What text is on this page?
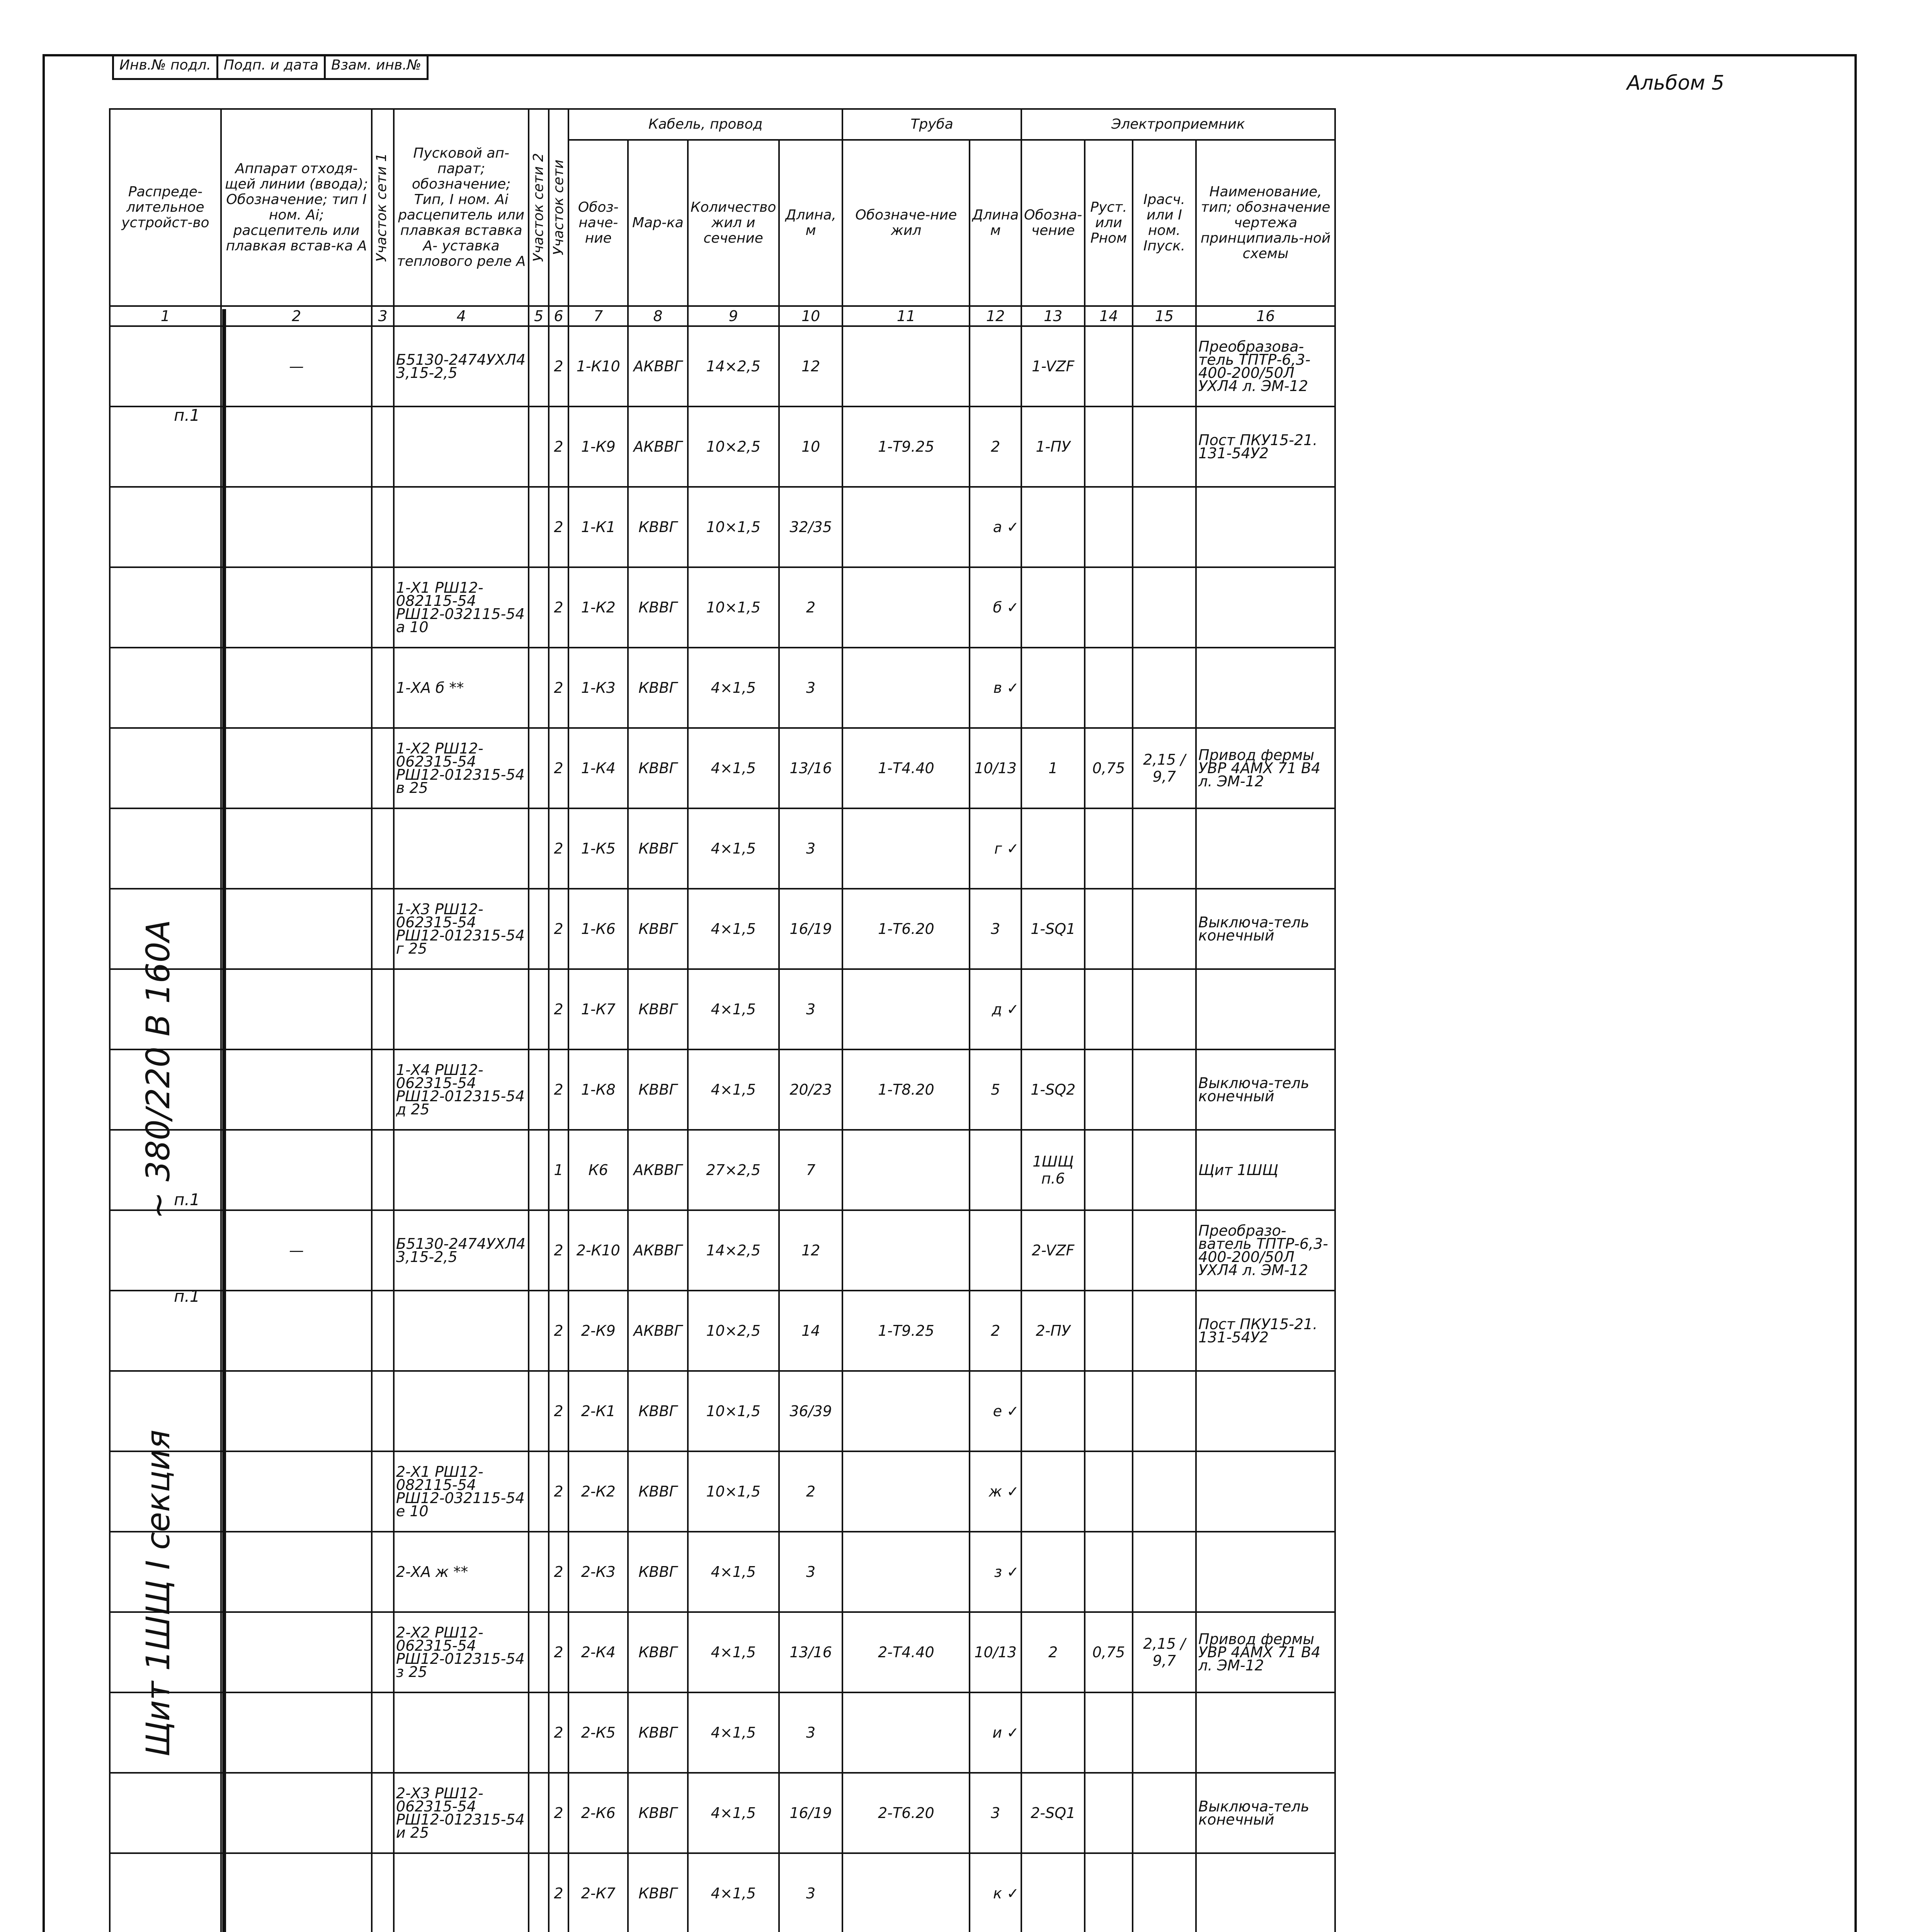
Инв.№ подл. Подп. и дата Взам. инв.№
Альбом 5
Распреде-лительное устройст-во	Аппарат отходя-щей линии (ввода); Обозначение; тип I ном. Аi; расцепитель или плавкая встав-ка А	Участок сети 1	Пусковой ап-парат; обозначение; Тип, I ном. Аi расцепитель или плавкая вставка А- уставка теплового реле А	Участок сети 2	Участок сети	Кабель, провод				Труба		Электроприемник			
						Обоз-наче-ние	Мар-ка	Количество жил и сечение	Длина, м	Обозначе-ние жил	Длина м	Обозна-чение	Руст. или Рном	Iрасч. или I ном. Iпуск.	Наименование, тип; обозначение чертежа принципиаль-ной схемы
1	2	3	4	5	6	7	8	9	10	11	12	13	14	15	16
	—		Б5130-2474УХЛ4 3,15-2,5		2	1-К10	АКВВГ	14×2,5	12			1-VZF			Преобразова-тель ТПТР-6,3-400-200/50Л УХЛ4 л. ЭМ-12
					2	1-К9	АКВВГ	10×2,5	10	1-Т9.25	2	1-ПУ			Пост ПКУ15-21. 131-54У2
					2	1-К1	КВВГ	10×1,5	32/35		а ✓				
			1-Х1 РШ12-082115-54 РШ12-032115-54 а 10		2	1-К2	КВВГ	10×1,5	2		б ✓				
			1-ХА б **		2	1-К3	КВВГ	4×1,5	3		в ✓				
			1-Х2 РШ12-062315-54 РШ12-012315-54 в 25		2	1-К4	КВВГ	4×1,5	13/16	1-Т4.40	10/13	1	0,75	2,15 / 9,7	Привод фермы УВР 4АМХ 71 В4 л. ЭМ-12
					2	1-К5	КВВГ	4×1,5	3		г ✓				
			1-Х3 РШ12-062315-54 РШ12-012315-54 г 25		2	1-К6	КВВГ	4×1,5	16/19	1-Т6.20	3	1-SQ1			Выключа-тель конечный
					2	1-К7	КВВГ	4×1,5	3		д ✓				
			1-Х4 РШ12-062315-54 РШ12-012315-54 д 25		2	1-К8	КВВГ	4×1,5	20/23	1-Т8.20	5	1-SQ2			Выключа-тель конечный
					1	К6	АКВВГ	27×2,5	7			1ШЩ п.6			Щит 1ШЩ
	—		Б5130-2474УХЛ4 3,15-2,5		2	2-К10	АКВВГ	14×2,5	12			2-VZF			Преобразо-ватель ТПТР-6,3-400-200/50Л УХЛ4 л. ЭМ-12
					2	2-К9	АКВВГ	10×2,5	14	1-Т9.25	2	2-ПУ			Пост ПКУ15-21. 131-54У2
					2	2-К1	КВВГ	10×1,5	36/39		е ✓				
			2-Х1 РШ12-082115-54 РШ12-032115-54 е 10		2	2-К2	КВВГ	10×1,5	2		ж ✓				
			2-ХА ж **		2	2-К3	КВВГ	4×1,5	3		з ✓				
			2-Х2 РШ12-062315-54 РШ12-012315-54 з 25		2	2-К4	КВВГ	4×1,5	13/16	2-Т4.40	10/13	2	0,75	2,15 / 9,7	Привод фермы УВР 4АМХ 71 В4 л. ЭМ-12
					2	2-К5	КВВГ	4×1,5	3		и ✓				
			2-Х3 РШ12-062315-54 РШ12-012315-54 и 25		2	2-К6	КВВГ	4×1,5	16/19	2-Т6.20	3	2-SQ1			Выключа-тель конечный
					2	2-К7	КВВГ	4×1,5	3		к ✓				

~ 380/220 В 160А
Щит 1ШЩ I секция
п.1
п.1
п.1
